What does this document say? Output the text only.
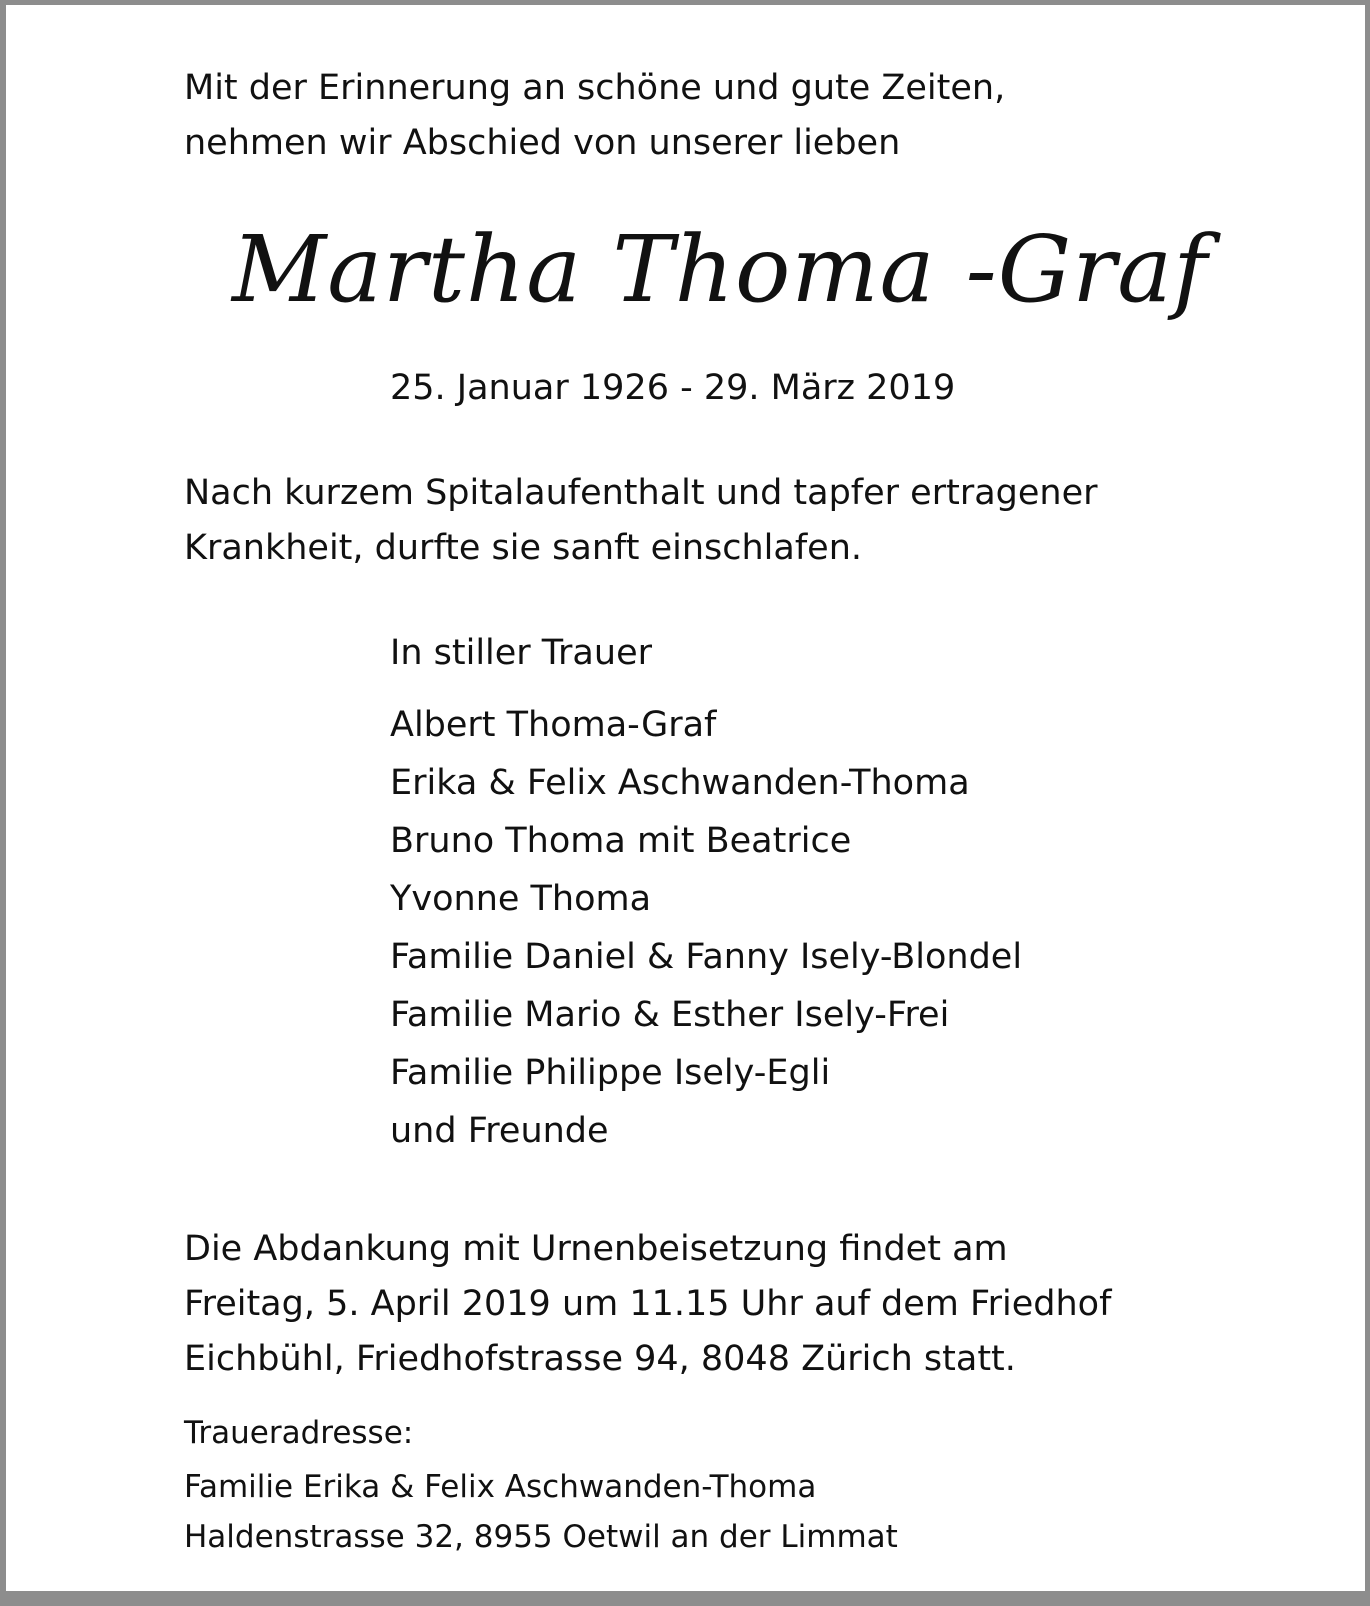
Mit der Erinnerung an schöne und gute Zeiten,

nehmen wir Abschied von unserer lieben

Martha Thoma -Graf

25. Januar 1926 - 29. März 2019

Nach kurzem Spitalaufenthalt und tapfer ertragener

Krankheit, durfte sie sanft einschlafen.

In stiller Trauer

Albert Thoma-Graf

Erika & Felix Aschwanden-Thoma

Bruno Thoma mit Beatrice

Yvonne Thoma

Familie Daniel & Fanny Isely-Blondel

Familie Mario & Esther Isely-Frei

Familie Philippe Isely-Egli

und Freunde

Die Abdankung mit Urnenbeisetzung findet am

Freitag, 5. April 2019 um 11.15 Uhr auf dem Friedhof

Eichbühl, Friedhofstrasse 94, 8048 Zürich statt.

Traueradresse:

Familie Erika & Felix Aschwanden-Thoma

Haldenstrasse 32, 8955 Oetwil an der Limmat
